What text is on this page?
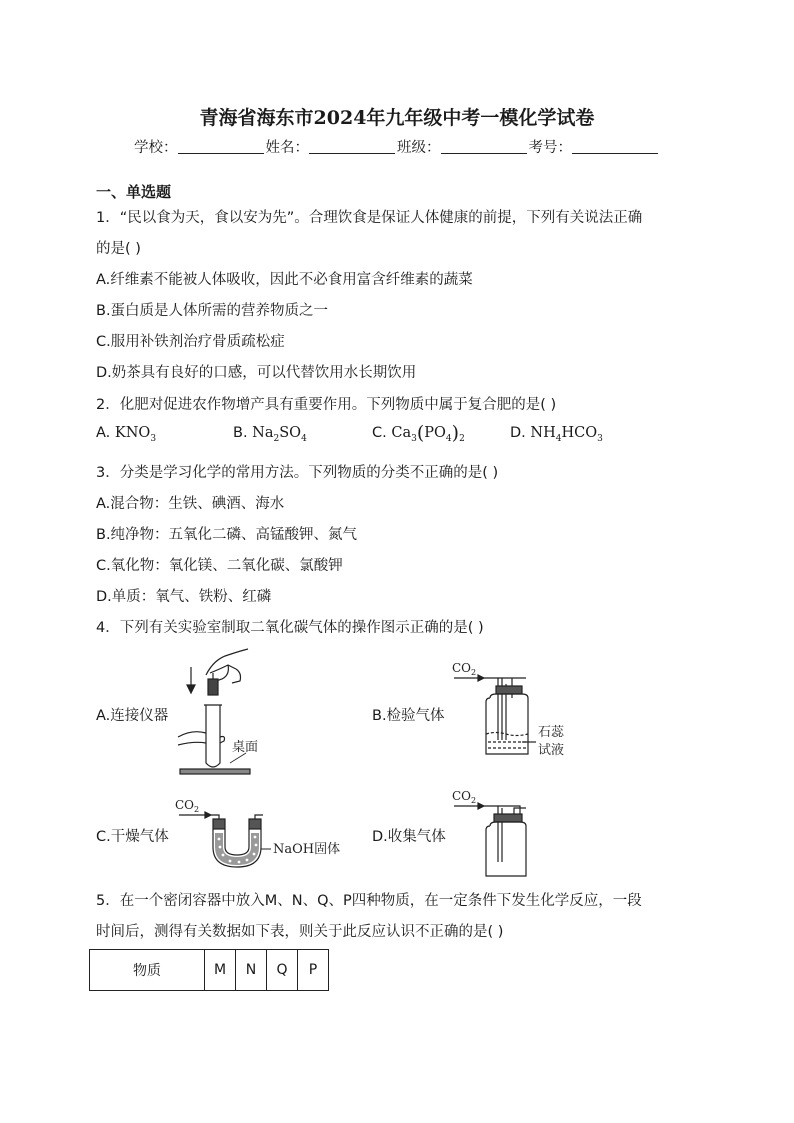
青海省海东市2024年九年级中考一模化学试卷
学校：	姓名：	班级：	考号：
一、单选题
1．“民以食为天，食以安为先”。合理饮食是保证人体健康的前提，下列有关说法正确
的是( )
A.纤维素不能被人体吸收，因此不必食用富含纤维素的蔬菜
B.蛋白质是人体所需的营养物质之一
C.服用补铁剂治疗骨质疏松症
D.奶茶具有良好的口感，可以代替饮用水长期饮用
2．化肥对促进农作物增产具有重要作用。下列物质中属于复合肥的是( )
A. $KNO_3$	B. $Na_2SO_4$	C. $Ca_3(PO_4)_2$	D. $NH_4HCO_3$
3．分类是学习化学的常用方法。下列物质的分类不正确的是( )
A.混合物：生铁、碘酒、海水
B.纯净物：五氧化二磷、高锰酸钾、氮气
C.氧化物：氧化镁、二氧化碳、氯酸钾
D.单质：氧气、铁粉、红磷
4．下列有关实验室制取二氧化碳气体的操作图示正确的是( )
A.连接仪器	B.检验气体
C.干燥气体	D.收集气体
桌面
$CO_2$
石蕊
试液
$CO_2$
NaOH固体
$CO_2$
5．在一个密闭容器中放入M、N、Q、P四种物质，在一定条件下发生化学反应，一段
时间后，测得有关数据如下表，则关于此反应认识不正确的是( )
物质	M	N	Q	P
